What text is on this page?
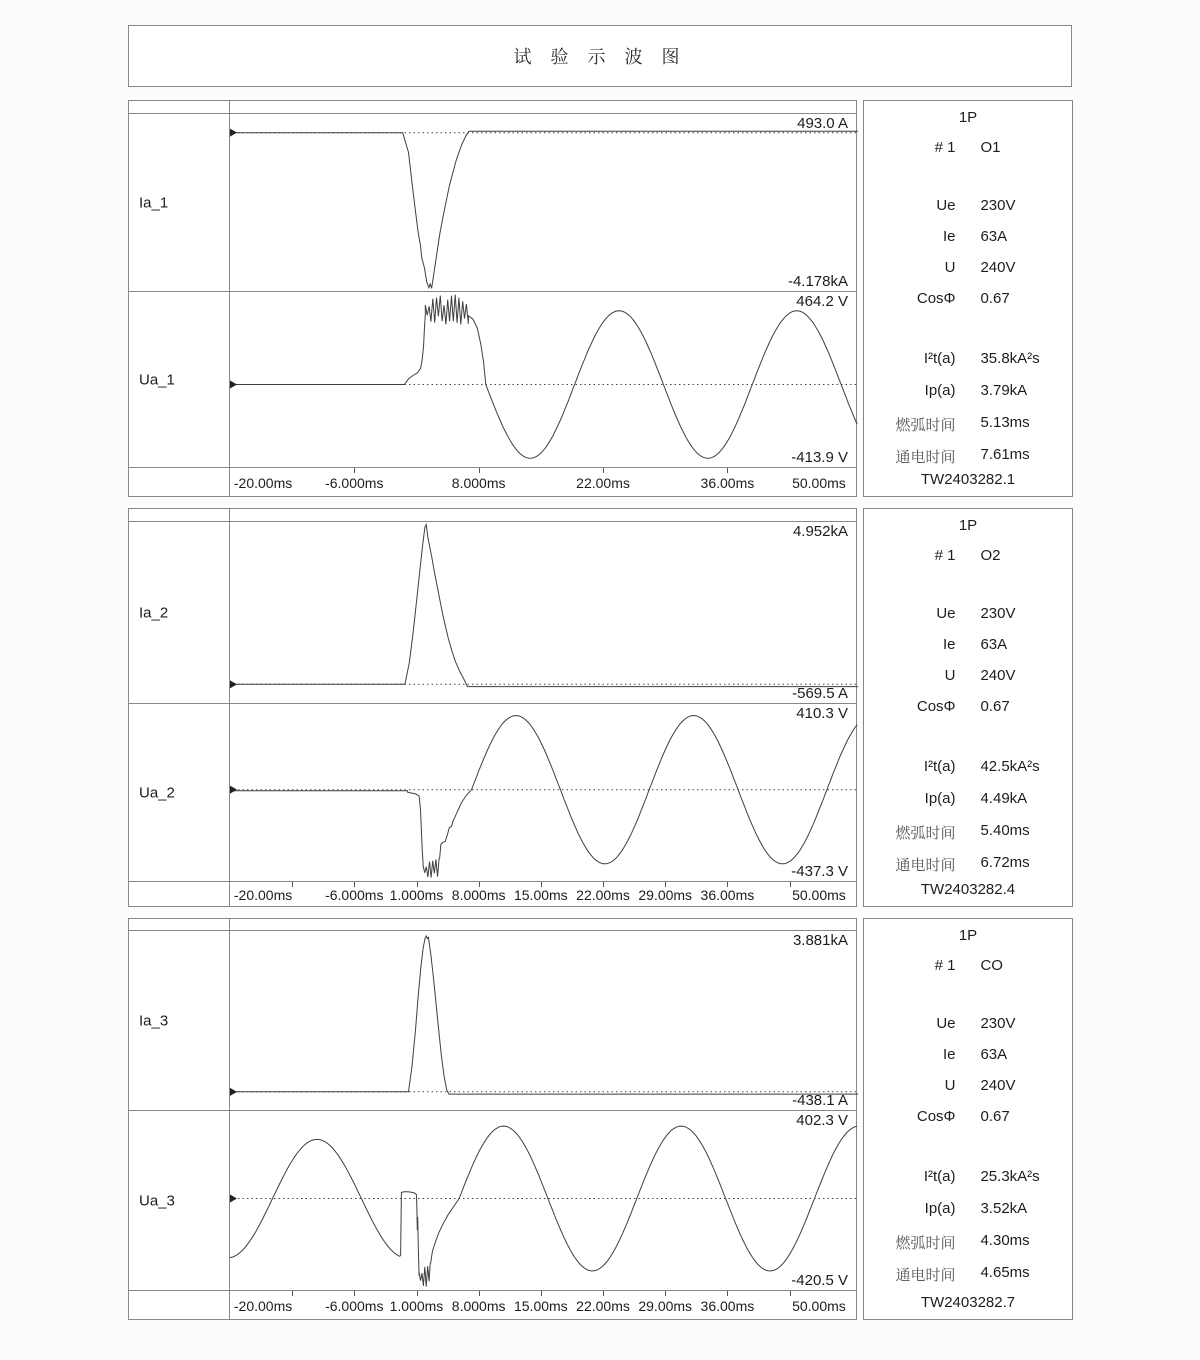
试 验 示 波 图
Ia_1
493.0 A
-4.178kA
Ua_1
464.2 V
-413.9 V
-20.00ms -6.000ms	8.000ms	22.00ms	36.00ms	50.00ms
1P
# 1 O1
Ue 230V
Ie 63A
U 240V
CosΦ 0.67
I²t(a) 35.8kA²s
Ip(a) 3.79kA
燃弧时间 5.13ms
通电时间 7.61ms
TW2403282.1
Ia_2
4.952kA
-569.5 A
Ua_2
410.3 V
-437.3 V
-20.00ms -6.000ms 1.000ms 8.000ms 15.00ms 22.00ms 29.00ms 36.00ms	50.00ms
1P
# 1 O2
Ue 230V
Ie 63A
U 240V
CosΦ 0.67
I²t(a) 42.5kA²s
Ip(a) 4.49kA
燃弧时间 5.40ms
通电时间 6.72ms
TW2403282.4
Ia_3
3.881kA
-438.1 A
Ua_3
402.3 V
-420.5 V
-20.00ms -6.000ms 1.000ms 8.000ms 15.00ms 22.00ms 29.00ms 36.00ms	50.00ms
1P
# 1 CO
Ue 230V
Ie 63A
U 240V
CosΦ 0.67
I²t(a) 25.3kA²s
Ip(a) 3.52kA
燃弧时间 4.30ms
通电时间 4.65ms
TW2403282.7
